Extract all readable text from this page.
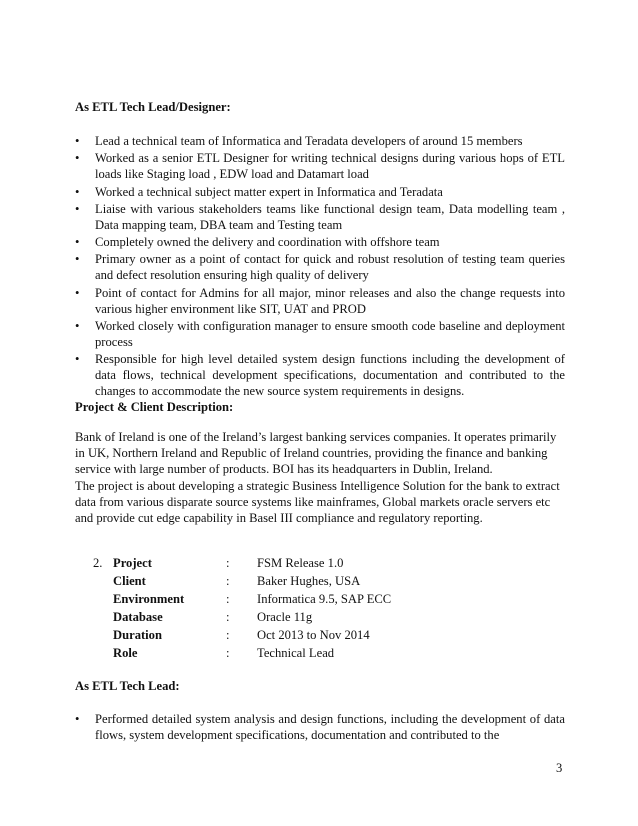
As ETL Tech Lead/Designer:
• Lead a technical team of Informatica and Teradata developers of around 15 members
• Worked as a senior ETL Designer for writing technical designs during various hops of ETL loads like Staging load , EDW load and Datamart load
• Worked a technical subject matter expert in Informatica and Teradata
• Liaise with various stakeholders teams like functional design team, Data modelling team , Data mapping team, DBA team and Testing team
• Completely owned the delivery and coordination with offshore team
• Primary owner as a point of contact for quick and robust resolution of testing team queries and defect resolution ensuring high quality of delivery
• Point of contact for Admins for all major, minor releases and also the change requests into various higher environment like SIT, UAT and PROD
• Worked closely with configuration manager to ensure smooth code baseline and deployment process
• Responsible for high level detailed system design functions including the development of data flows, technical development specifications, documentation and contributed to the changes to accommodate the new source system requirements in designs.
Project & Client Description:
Bank of Ireland is one of the Ireland’s largest banking services companies. It operates primarily
in UK, Northern Ireland and Republic of Ireland countries, providing the finance and banking
service with large number of products. BOI has its headquarters in Dublin, Ireland.
The project is about developing a strategic Business Intelligence Solution for the bank to extract
data from various disparate source systems like mainframes, Global markets oracle servers etc
and provide cut edge capability in Basel III compliance and regulatory reporting.
2. Project	: FSM Release 1.0
Client	: Baker Hughes, USA
Environment	: Informatica 9.5, SAP ECC
Database	: Oracle 11g
Duration	: Oct 2013 to Nov 2014
Role	: Technical Lead
As ETL Tech Lead:
• Performed detailed system analysis and design functions, including the development of data flows, system development specifications, documentation and contributed to the
3
